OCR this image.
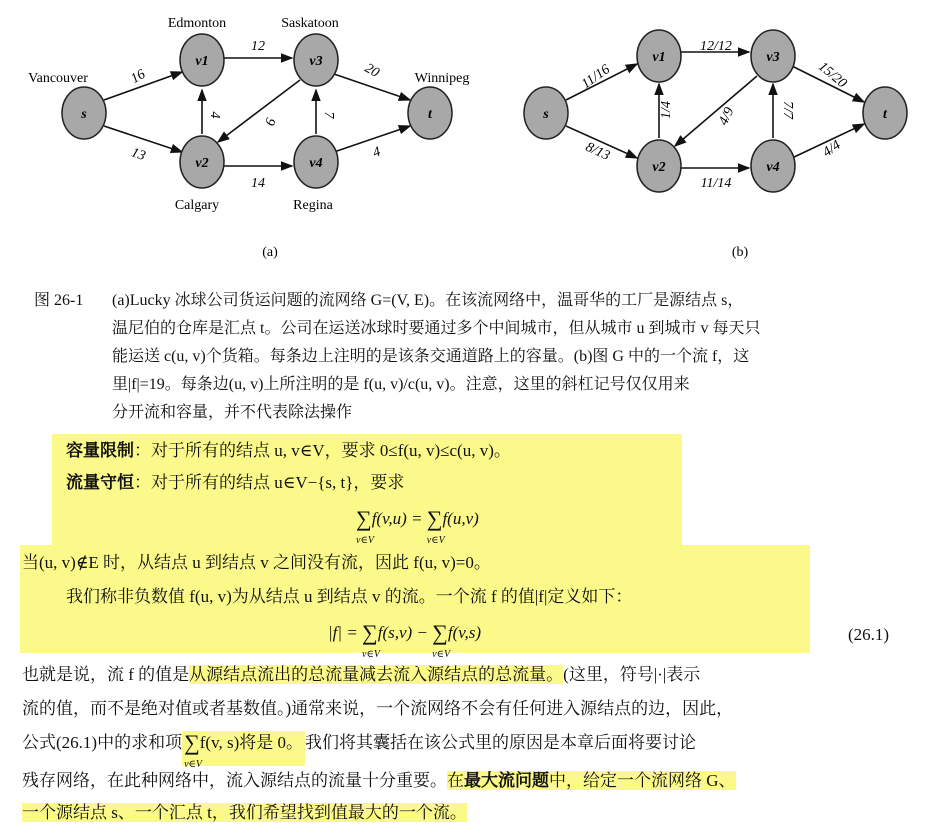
s
v1	v3
t
v2	v4
s
v1	v3
t
v2	v4
Vancouver
Edmonton	Saskatoon
Winnipeg
Calgary	Regina
(a)	(b)
16
13
12
4
9
14
7
20
4
11/16
8/13
12/12
1/4	4/9
11/14
7/7
15/20
4/4
图 26-1 (a)Lucky 冰球公司货运问题的流网络 G=(V, E)。在该流网络中，温哥华的工厂是源结点 s，
温尼伯的仓库是汇点 t。公司在运送冰球时要通过多个中间城市，但从城市 u 到城市 v 每天只
能运送 c(u, v)个货箱。每条边上注明的是该条交通道路上的容量。(b)图 G 中的一个流 f，这
里|f|=19。每条边(u, v)上所注明的是 f(u, v)/c(u, v)。注意，这里的斜杠记号仅仅用来
分开流和容量，并不代表除法操作
容量限制：对于所有的结点 u, v∈V，要求 0≤f(u, v)≤c(u, v)。
流量守恒：对于所有的结点 u∈V−{s, t}，要求
∑
v∈V
f(v,u) = ∑
v∈V
f(u,v)
当(u, v)∉E 时，从结点 u 到结点 v 之间没有流，因此 f(u, v)=0。
我们称非负数值 f(u, v)为从结点 u 到结点 v 的流。一个流 f 的值|f|定义如下：
|f| = ∑
v∈V
f(s,v) − ∑
v∈V
f(v,s)	(26.1)
也就是说，流 f 的值是从源结点流出的总流量减去流入源结点的总流量。(这里，符号|·|表示
流的值，而不是绝对值或者基数值。)通常来说，一个流网络不会有任何进入源结点的边，因此，
公式(26.1)中的求和项∑
v∈V
f(v, s)将是 0。 我们将其囊括在该公式里的原因是本章后面将要讨论
残存网络，在此种网络中，流入源结点的流量十分重要。在最大流问题中，给定一个流网络 G、
一个源结点 s、一个汇点 t，我们希望找到值最大的一个流。
